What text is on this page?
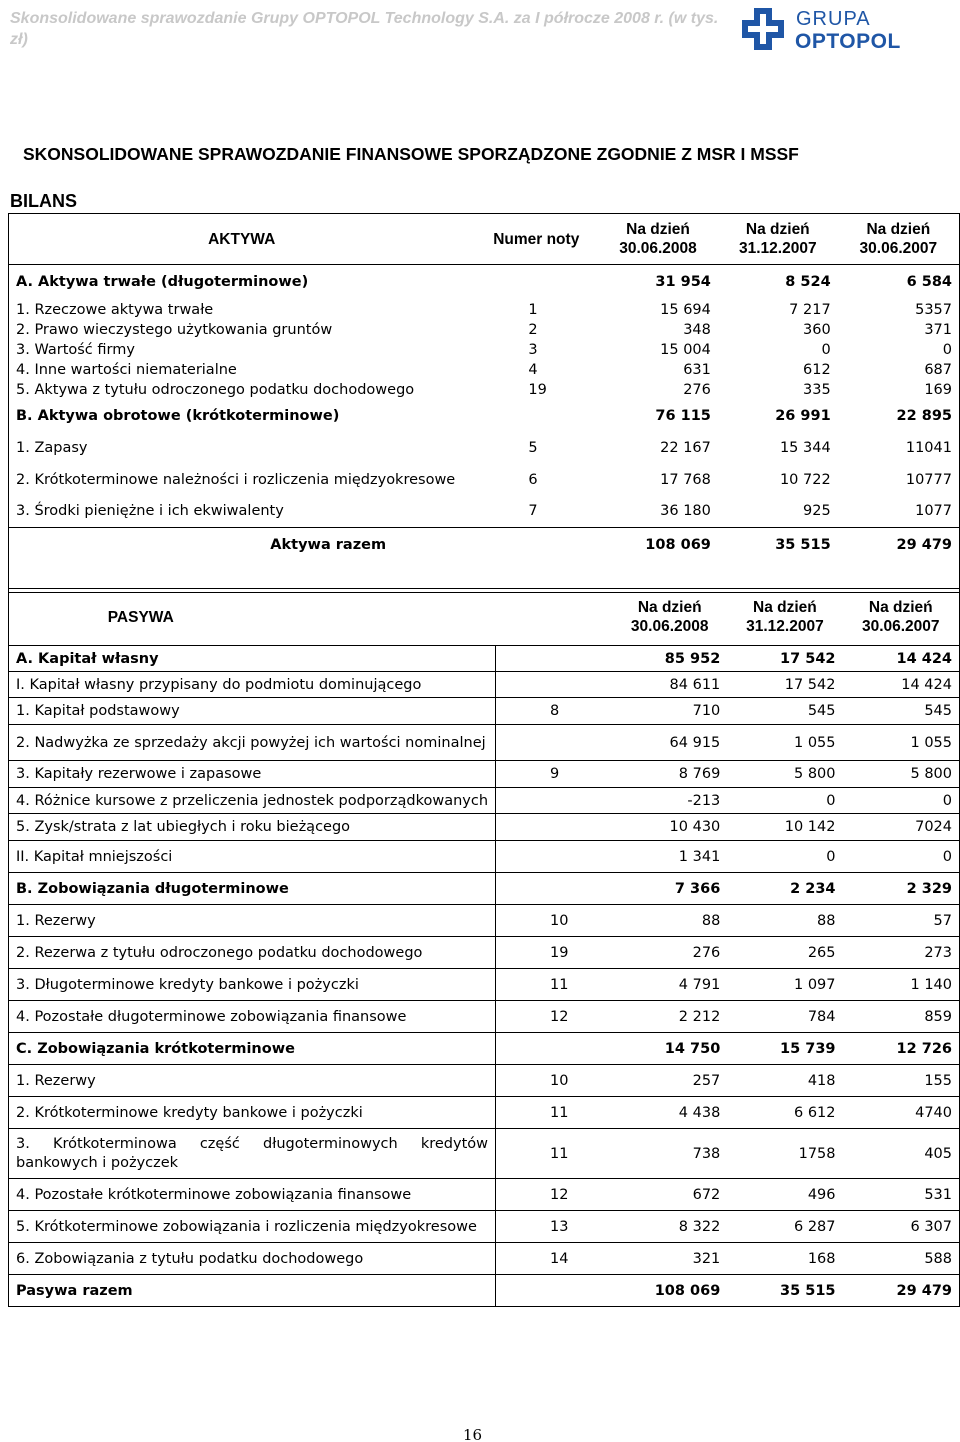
Skonsolidowane sprawozdanie Grupy OPTOPOL Technology S.A. za I półrocze 2008 r. (w tys. zł)
GRUPA
OPTOPOL
SKONSOLIDOWANE SPRAWOZDANIE FINANSOWE SPORZĄDZONE ZGODNIE Z MSR I MSSF
BILANS
AKTYWA	Numer noty	Na dzień 30.06.2008	Na dzień 31.12.2007	Na dzień 30.06.2007
A. Aktywa trwałe (długoterminowe)		31 954	8 524	6 584
1. Rzeczowe aktywa trwałe	1	15 694	7 217	5357
2. Prawo wieczystego użytkowania gruntów	2	348	360	371
3. Wartość firmy	3	15 004	0	0
4. Inne wartości niematerialne	4	631	612	687
5. Aktywa z tytułu odroczonego podatku dochodowego	19	276	335	169
B. Aktywa obrotowe (krótkoterminowe)		76 115	26 991	22 895
1. Zapasy	5	22 167	15 344	11041
2. Krótkoterminowe należności i rozliczenia międzyokresowe	6	17 768	10 722	10777
3. Środki pieniężne i ich ekwiwalenty	7	36 180	925	1077
Aktywa razem		108 069	35 515	29 479

PASYWA		Na dzień 30.06.2008	Na dzień 31.12.2007	Na dzień 30.06.2007
A. Kapitał własny		85 952	17 542	14 424
I. Kapitał własny przypisany do podmiotu dominującego		84 611	17 542	14 424
1. Kapitał podstawowy	8	710	545	545
2. Nadwyżka ze sprzedaży akcji powyżej ich wartości nominalnej		64 915	1 055	1 055
3. Kapitały rezerwowe i zapasowe	9	8 769	5 800	5 800
4. Różnice kursowe z przeliczenia jednostek podporządkowanych		-213	0	0
5. Zysk/strata z lat ubiegłych i roku bieżącego		10 430	10 142	7024
II. Kapitał mniejszości		1 341	0	0
B. Zobowiązania długoterminowe		7 366	2 234	2 329
1. Rezerwy	10	88	88	57
2. Rezerwa z tytułu odroczonego podatku dochodowego	19	276	265	273
3. Długoterminowe kredyty bankowe i pożyczki	11	4 791	1 097	1 140
4. Pozostałe długoterminowe zobowiązania finansowe	12	2 212	784	859
C. Zobowiązania krótkoterminowe		14 750	15 739	12 726
1. Rezerwy	10	257	418	155
2. Krótkoterminowe kredyty bankowe i pożyczki	11	4 438	6 612	4740
3. Krótkoterminowa część długoterminowych kredytów bankowych i pożyczek	11	738	1758	405
4. Pozostałe krótkoterminowe zobowiązania finansowe	12	672	496	531
5. Krótkoterminowe zobowiązania i rozliczenia międzyokresowe	13	8 322	6 287	6 307
6. Zobowiązania z tytułu podatku dochodowego	14	321	168	588
Pasywa razem		108 069	35 515	29 479
16
